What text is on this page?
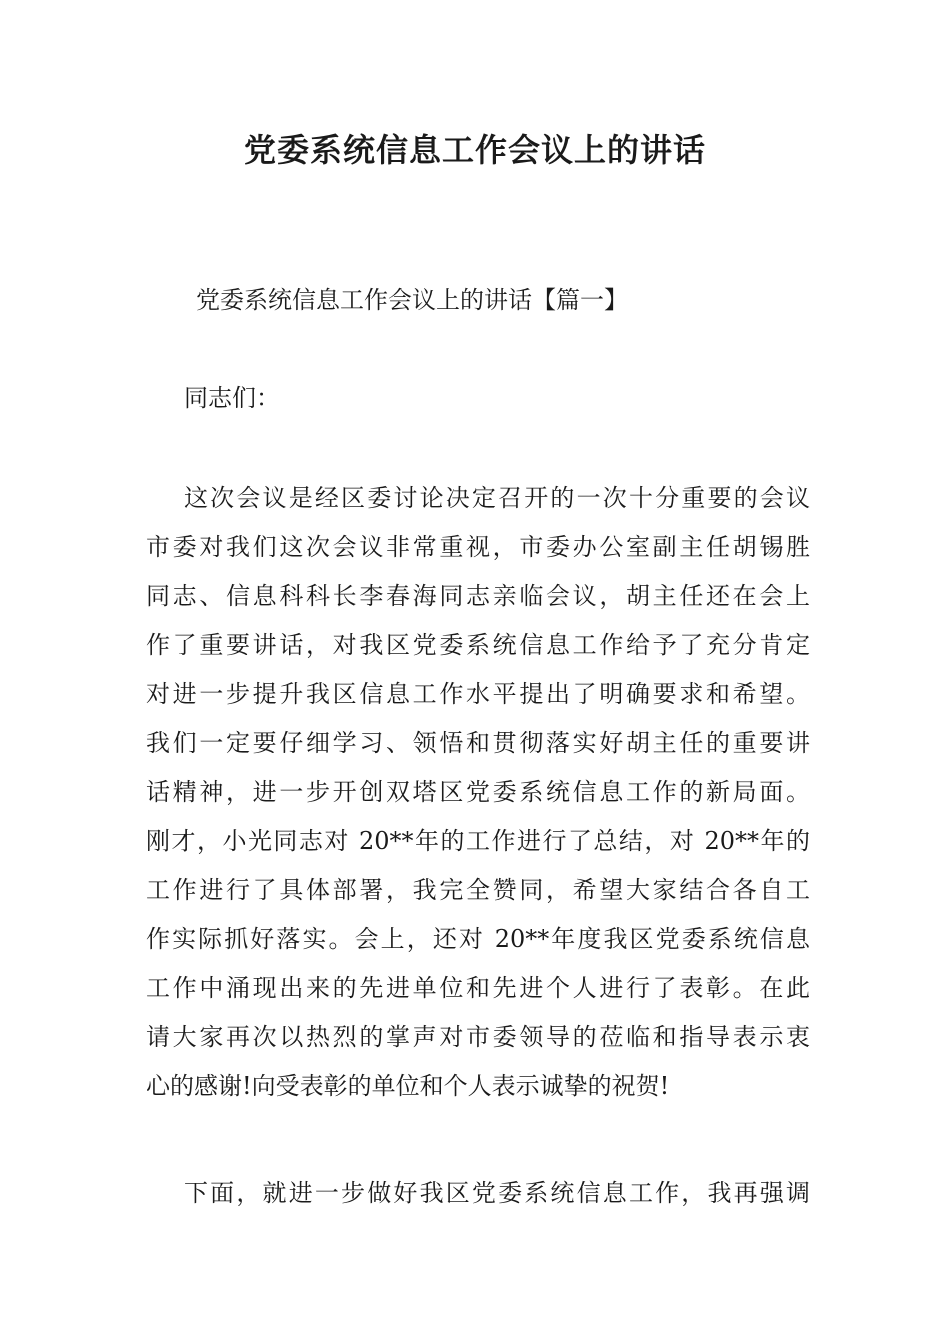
党委系统信息工作会议上的讲话

党委系统信息工作会议上的讲话【篇一】

同志们：

这次会议是经区委讨论决定召开的一次十分重要的会议
市委对我们这次会议非常重视，市委办公室副主任胡锡胜
同志、信息科科长李春海同志亲临会议，胡主任还在会上
作了重要讲话，对我区党委系统信息工作给予了充分肯定
对进一步提升我区信息工作水平提出了明确要求和希望。
我们一定要仔细学习、领悟和贯彻落实好胡主任的重要讲
话精神，进一步开创双塔区党委系统信息工作的新局面。
刚才，小光同志对 20**年的工作进行了总结，对 20**年的
工作进行了具体部署，我完全赞同，希望大家结合各自工
作实际抓好落实。会上，还对 20**年度我区党委系统信息
工作中涌现出来的先进单位和先进个人进行了表彰。在此
请大家再次以热烈的掌声对市委领导的莅临和指导表示衷
心的感谢!向受表彰的单位和个人表示诚挚的祝贺!
下面，就进一步做好我区党委系统信息工作，我再强调
